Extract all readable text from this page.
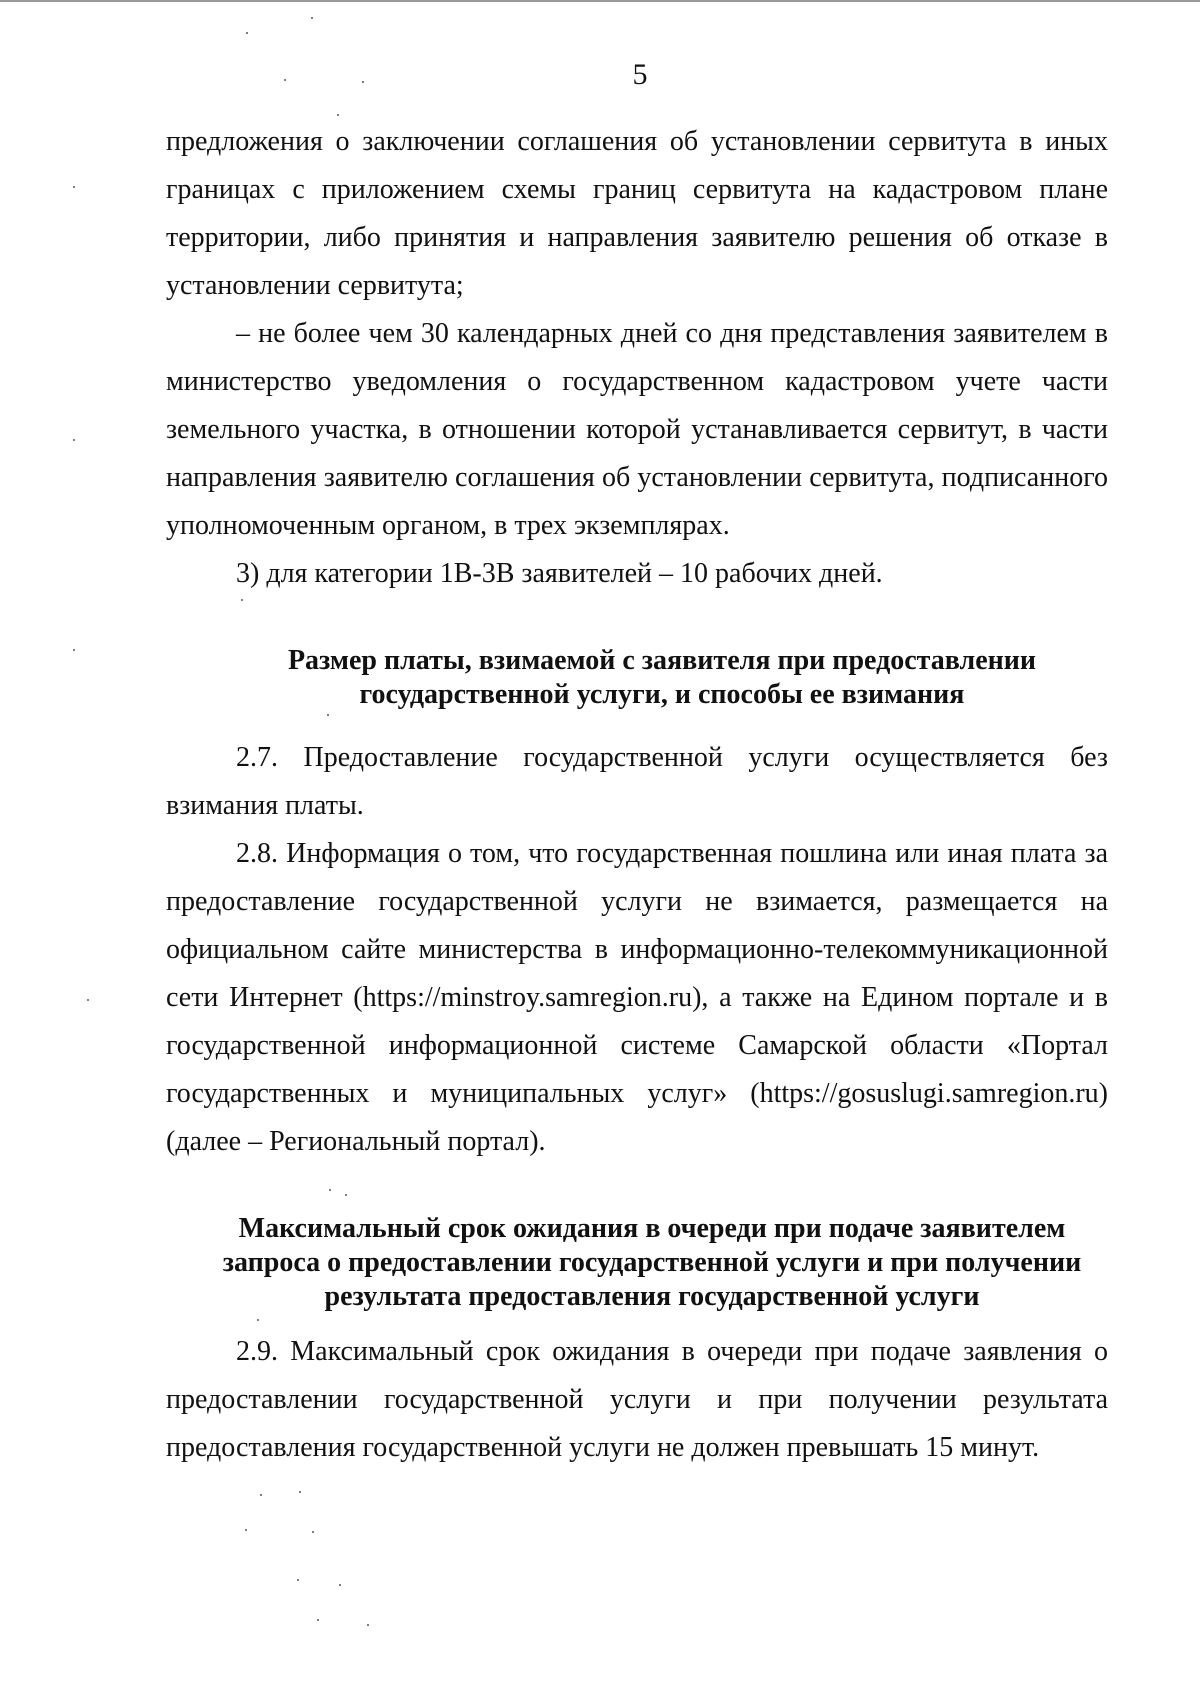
5

предложения о заключении соглашения об установлении сервитута в иных границах с приложением схемы границ сервитута на кадастровом плане территории, либо принятия и направления заявителю решения об отказе в установлении сервитута;

– не более чем 30 календарных дней со дня представления заявителем в министерство уведомления о государственном кадастровом учете части земельного участка, в отношении которой устанавливается сервитут, в части направления заявителю соглашения об установлении сервитута, подписанного уполномоченным органом, в трех экземплярах.

3) для категории 1В-3В заявителей – 10 рабочих дней.

Размер платы, взимаемой с заявителя при предоставлении

государственной услуги, и способы ее взимания

2.7. Предоставление государственной услуги осуществляется без взимания платы.

2.8. Информация о том, что государственная пошлина или иная плата за предоставление государственной услуги не взимается, размещается на официальном сайте министерства в информационно-телекоммуникационной сети Интернет (https://minstroy.samregion.ru), а также на Едином портале и в государственной информационной системе Самарской области «Портал государственных и муниципальных услуг» (https://gosuslugi.samregion.ru) (далее – Региональный портал).

Максимальный срок ожидания в очереди при подаче заявителем

запроса о предоставлении государственной услуги и при получении

результата предоставления государственной услуги

2.9. Максимальный срок ожидания в очереди при подаче заявления о предоставлении государственной услуги и при получении результата предоставления государственной услуги не должен превышать 15 минут.
